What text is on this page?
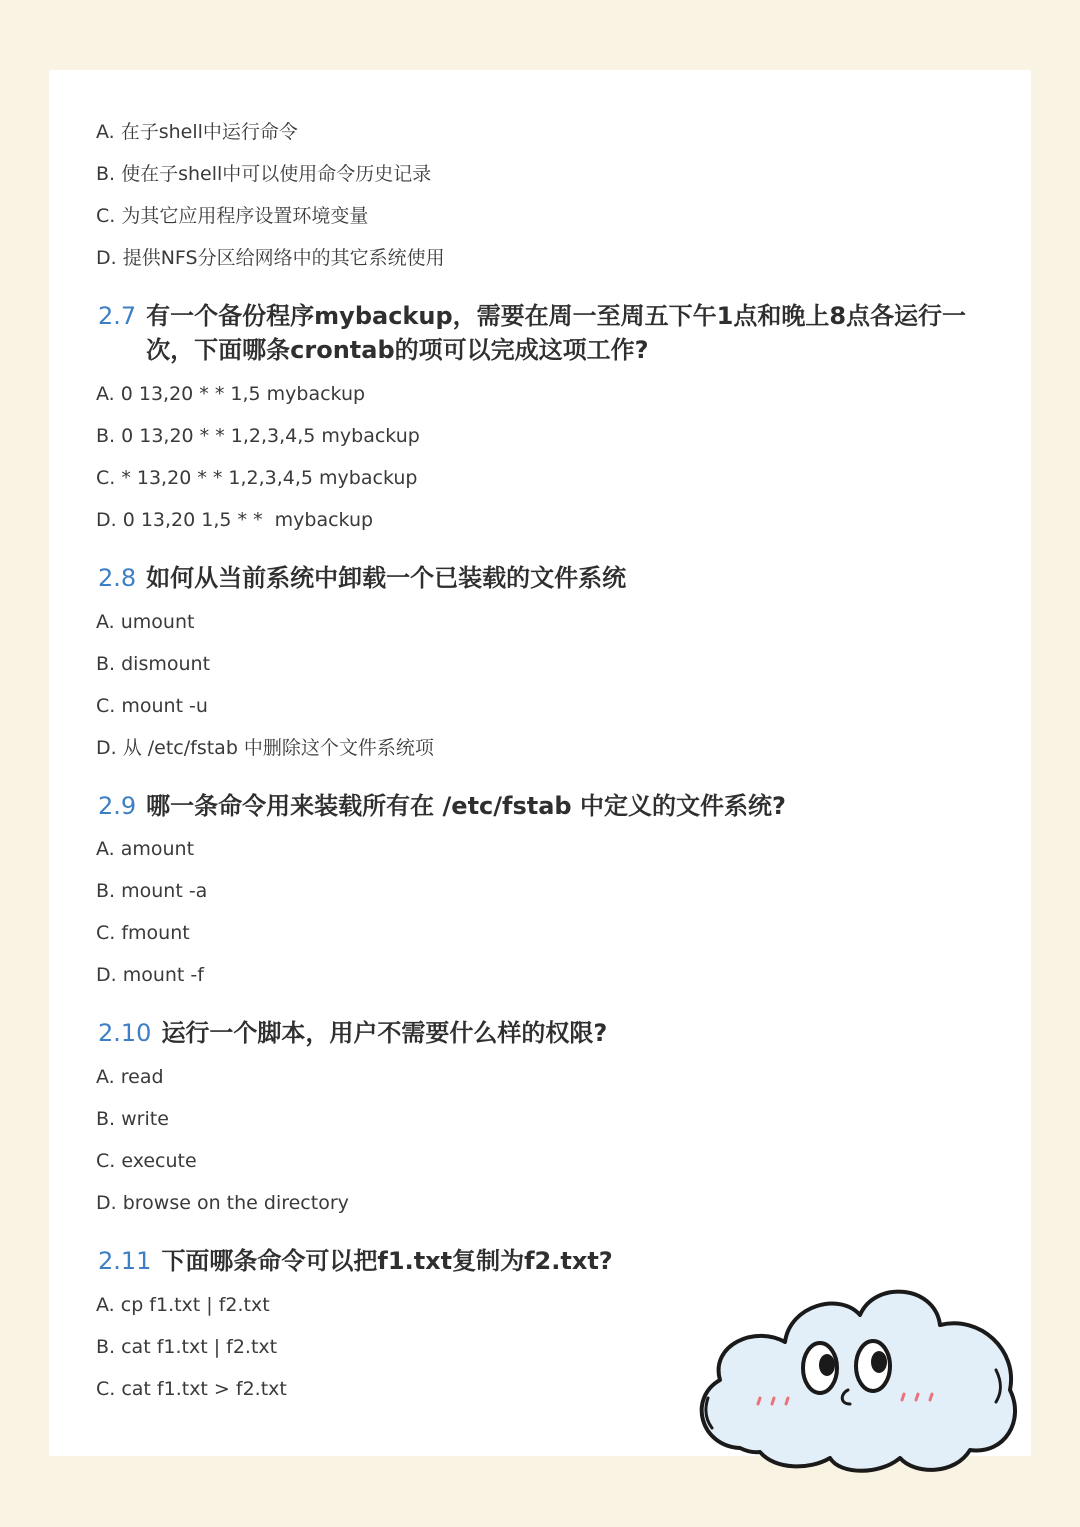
A. 在子shell中运行命令
B. 使在子shell中可以使用命令历史记录
C. 为其它应用程序设置环境变量
D. 提供NFS分区给网络中的其它系统使用
2.7 有一个备份程序mybackup，需要在周一至周五下午1点和晚上8点各运行一
次，下面哪条crontab的项可以完成这项工作?
A. 0 13,20 * * 1,5 mybackup
B. 0 13,20 * * 1,2,3,4,5 mybackup
C. * 13,20 * * 1,2,3,4,5 mybackup
D. 0 13,20 1,5 * *  mybackup
2.8 如何从当前系统中卸载一个已装载的文件系统
A. umount
B. dismount
C. mount -u
D. 从 /etc/fstab 中删除这个文件系统项
2.9 哪一条命令用来装载所有在 /etc/fstab 中定义的文件系统?
A. amount
B. mount -a
C. fmount
D. mount -f
2.10 运行一个脚本，用户不需要什么样的权限?
A. read
B. write
C. execute
D. browse on the directory
2.11 下面哪条命令可以把f1.txt复制为f2.txt?
A. cp f1.txt | f2.txt
B. cat f1.txt | f2.txt
C. cat f1.txt > f2.txt
